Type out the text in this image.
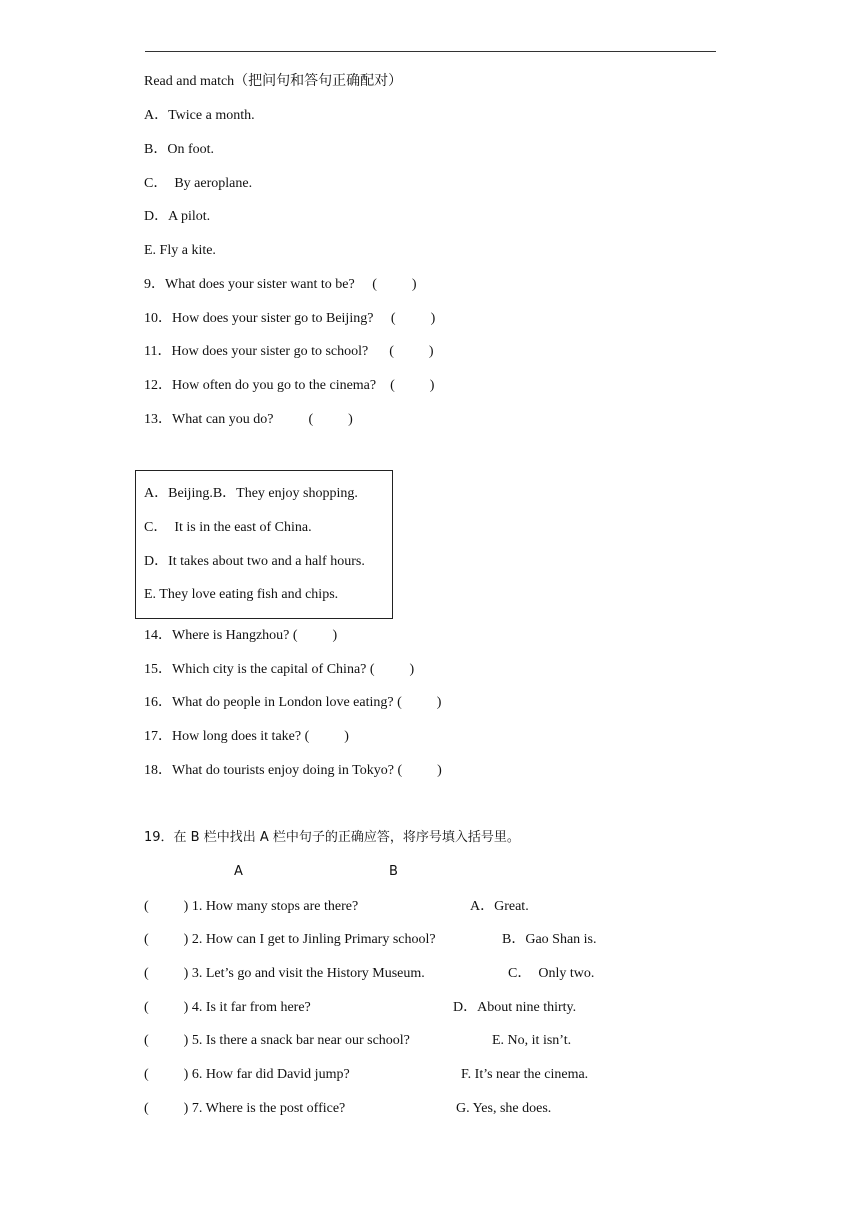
Read and match（把问句和答句正确配对）
A．Twice a month.
B．On foot.
C．  By aeroplane.
D．A pilot.
E. Fly a kite.
9．What does your sister want to be?     (          )
10．How does your sister go to Beijing?     (          )
11．How does your sister go to school?      (          )
12．How often do you go to the cinema?    (          )
13．What can you do?          (          )
A．Beijing.B．They enjoy shopping.
C．  It is in the east of China.
D．It takes about two and a half hours.
E. They love eating fish and chips.
14．Where is Hangzhou? (          )
15．Which city is the capital of China? (          )
16．What do people in London love eating? (          )
17．How long does it take? (          )
18．What do tourists enjoy doing in Tokyo? (          )
19．在 B 栏中找出 A 栏中句子的正确应答，将序号填入括号里。
A	B
(          ) 1. How many stops are there?	A．Great.
(          ) 2. How can I get to Jinling Primary school?	B．Gao Shan is.
(          ) 3. Let’s go and visit the History Museum.	C．  Only two.
(          ) 4. Is it far from here?	D．About nine thirty.
(          ) 5. Is there a snack bar near our school?	E. No, it isn’t.
(          ) 6. How far did David jump?	F. It’s near the cinema.
(          ) 7. Where is the post office?	G. Yes, she does.
